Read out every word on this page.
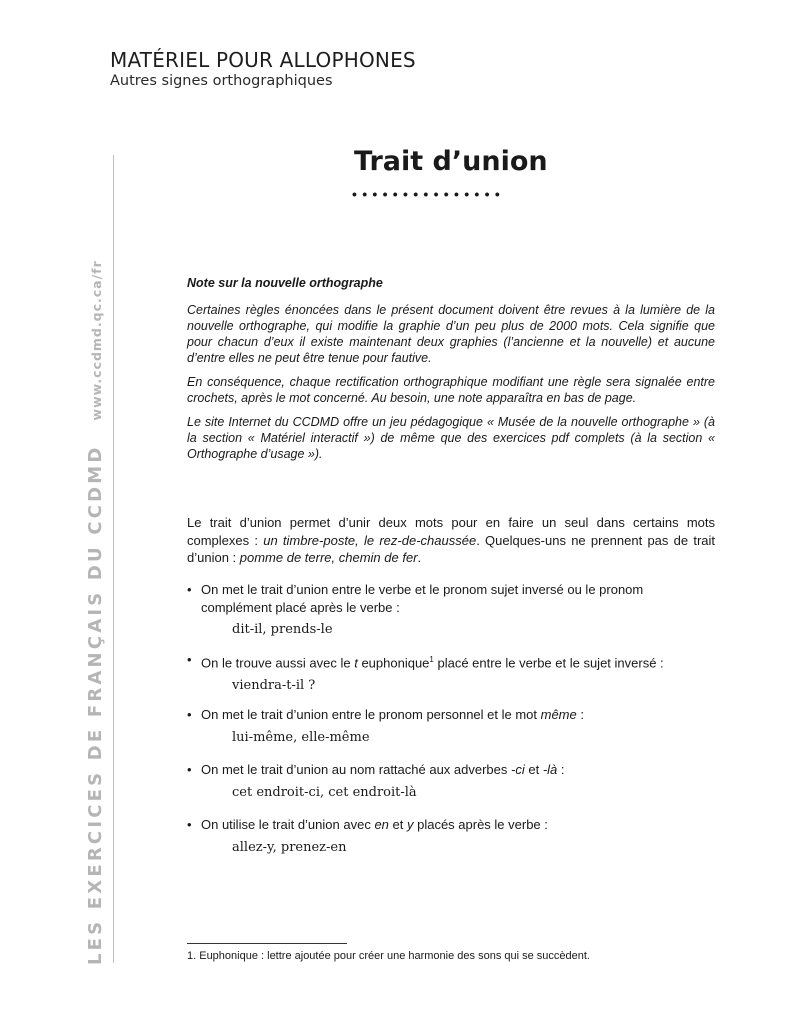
MATÉRIEL POUR ALLOPHONES
Autres signes orthographiques
LES EXERCICES DE FRANÇAIS DU CCDMDwww.ccdmd.qc.ca/fr
Trait d’union
•••••••••••••••

Note sur la nouvelle orthographe

Certaines règles énoncées dans le présent document doivent être revues à la lumière de la nouvelle orthographe, qui modifie la graphie d’un peu plus de 2000 mots. Cela signifie que pour chacun d’eux il existe maintenant deux graphies (l’ancienne et la nouvelle) et aucune d’entre elles ne peut être tenue pour fautive.

En conséquence, chaque rectification orthographique modifiant une règle sera signalée entre crochets, après le mot concerné. Au besoin, une note apparaîtra en bas de page.

Le site Internet du CCDMD offre un jeu pédagogique « Musée de la nouvelle orthographe » (à la section « Matériel interactif ») de même que des exercices pdf complets (à la section « Orthographe d’usage »).

Le trait d’union permet d’unir deux mots pour en faire un seul dans certains mots complexes : un timbre-poste, le rez-de-chaussée. Quelques-uns ne prennent pas de trait d’union : pomme de terre, chemin de fer.

• On met le trait d’union entre le verbe et le pronom sujet inversé ou le pronom complément placé après le verbe :
dit-il, prends-le
• On le trouve aussi avec le t euphonique$^1$ placé entre le verbe et le sujet inversé :
viendra-t-il ?
• On met le trait d’union entre le pronom personnel et le mot même :
lui-même, elle-même
• On met le trait d’union au nom rattaché aux adverbes -ci et -là :
cet endroit-ci, cet endroit-là
• On utilise le trait d’union avec en et y placés après le verbe :
allez-y, prenez-en
1. Euphonique : lettre ajoutée pour créer une harmonie des sons qui se succèdent.
